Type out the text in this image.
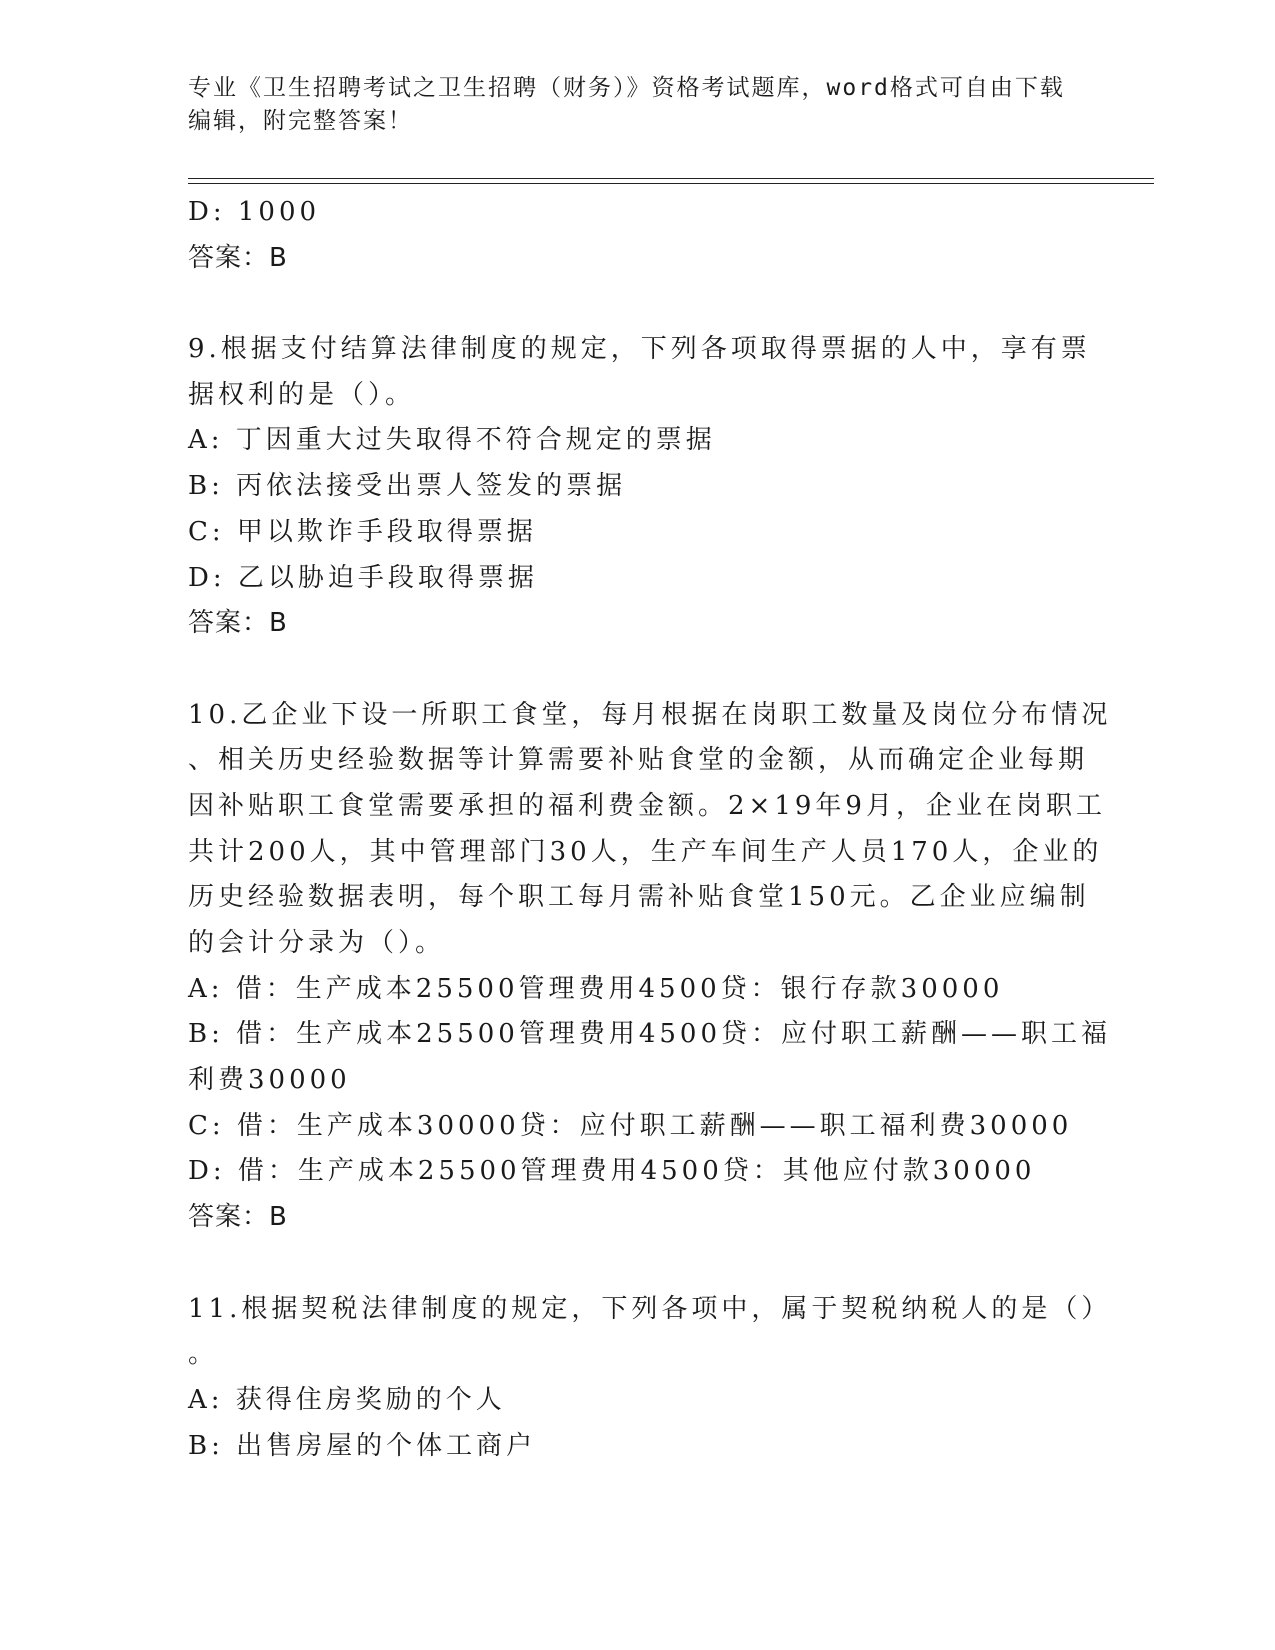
专业《卫生招聘考试之卫生招聘（财务）》资格考试题库，word格式可自由下载
编辑，附完整答案！
D: 1000
答案：B
9.根据支付结算法律制度的规定，下列各项取得票据的人中，享有票
据权利的是（）。
A: 丁因重大过失取得不符合规定的票据
B: 丙依法接受出票人签发的票据
C: 甲以欺诈手段取得票据
D: 乙以胁迫手段取得票据
答案：B
10.乙企业下设一所职工食堂，每月根据在岗职工数量及岗位分布情况
、相关历史经验数据等计算需要补贴食堂的金额，从而确定企业每期
因补贴职工食堂需要承担的福利费金额。2×19年9月，企业在岗职工
共计200人，其中管理部门30人，生产车间生产人员170人，企业的
历史经验数据表明，每个职工每月需补贴食堂150元。乙企业应编制
的会计分录为（）。
A: 借：生产成本25500管理费用4500贷：银行存款30000
B: 借：生产成本25500管理费用4500贷：应付职工薪酬——职工福
利费30000
C: 借：生产成本30000贷：应付职工薪酬——职工福利费30000
D: 借：生产成本25500管理费用4500贷：其他应付款30000
答案：B
11.根据契税法律制度的规定，下列各项中，属于契税纳税人的是（）
。
A: 获得住房奖励的个人
B: 出售房屋的个体工商户
